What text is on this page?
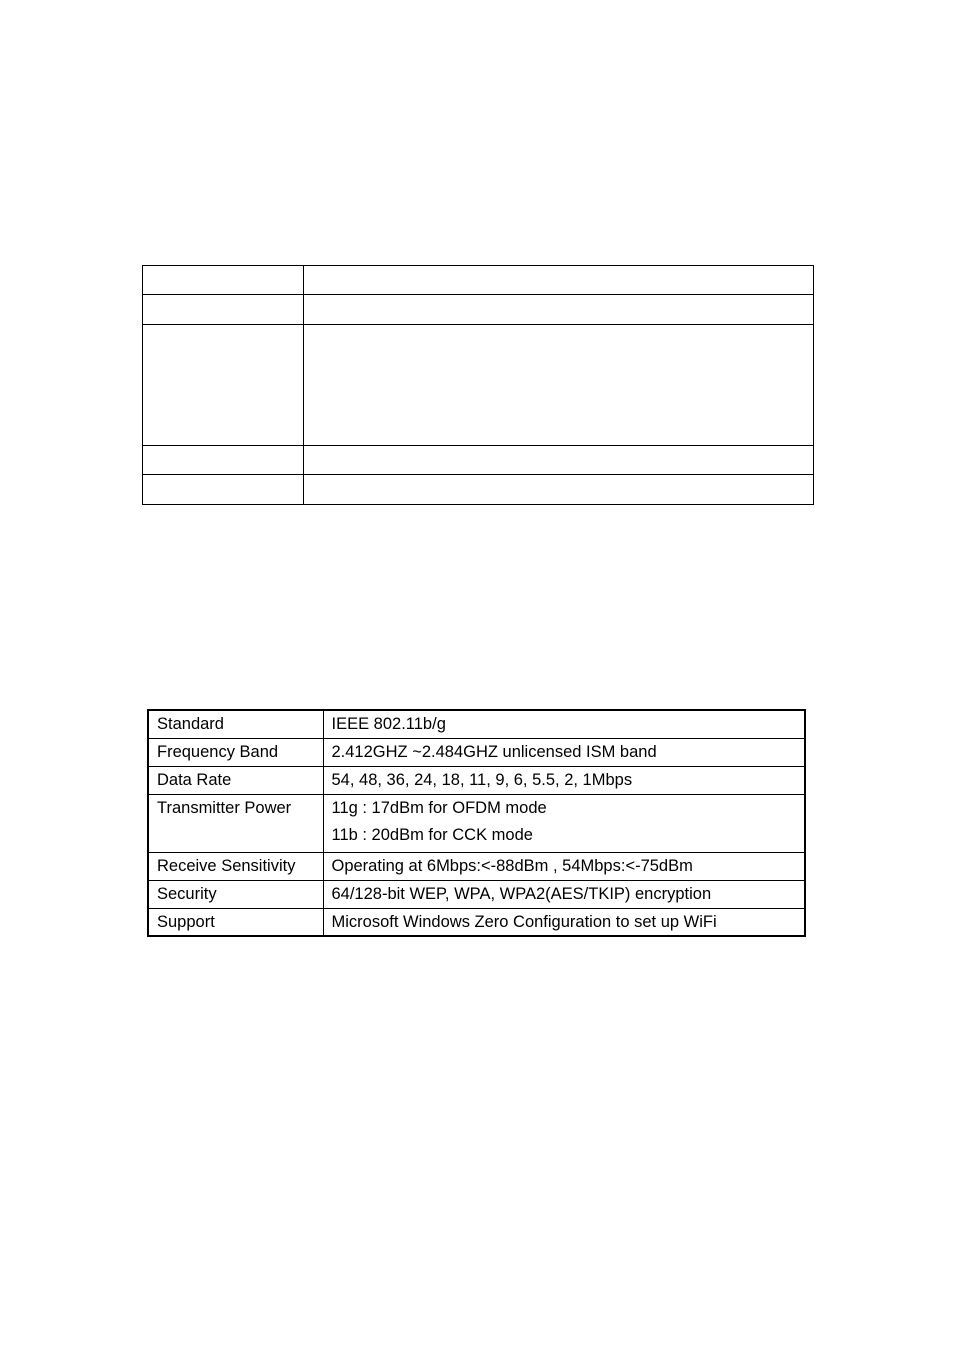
Standard	IEEE 802.11b/g
Frequency Band	2.412GHZ ~2.484GHZ unlicensed ISM band
Data Rate	54, 48, 36, 24, 18, 11, 9, 6, 5.5, 2, 1Mbps
Transmitter Power	11g : 17dBm for OFDM mode
11b : 20dBm for CCK mode

Receive Sensitivity	Operating at 6Mbps:<-88dBm , 54Mbps:<-75dBm
Security	64/128-bit WEP, WPA, WPA2(AES/TKIP) encryption
Support	Microsoft Windows Zero Configuration to set up WiFi
